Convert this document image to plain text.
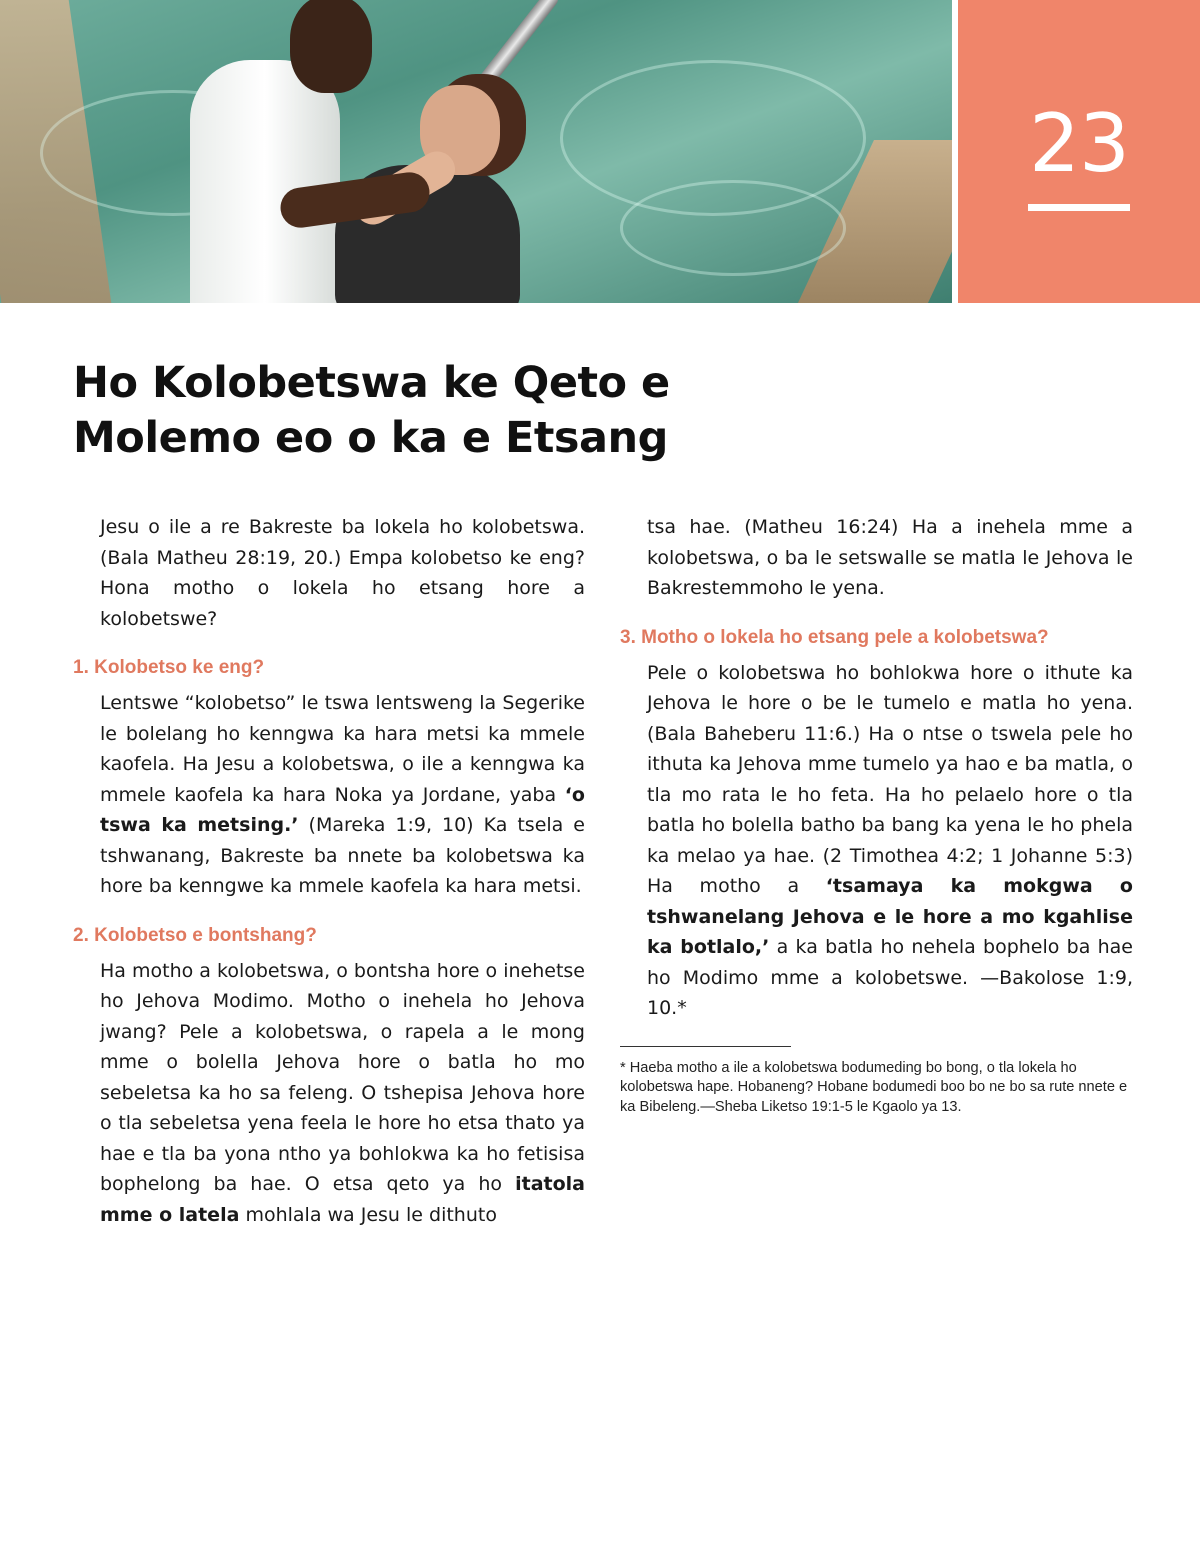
23
Ho Kolobetswa ke Qeto e
Molemo eo o ka e Etsang

Jesu o ile a re Bakreste ba lokela ho kolobetswa. (Bala Matheu 28:19, 20.) Empa kolobetso ke eng? Hona motho o lokela ho etsang hore a kolobetswe?

1. Kolobetso ke eng?

Lentswe “kolobetso” le tswa lentsweng la Segerike le bolelang ho kenngwa ka hara metsi ka mmele kaofela. Ha Jesu a kolobetswa, o ile a kenngwa ka mmele kaofela ka hara Noka ya Jordane, yaba ‘o tswa ka metsing.’ (Mareka 1:9, 10) Ka tsela e tshwanang, Bakreste ba nnete ba kolobetswa ka hore ba kenngwe ka mmele kaofela ka hara metsi.

2. Kolobetso e bontshang?

Ha motho a kolobetswa, o bontsha hore o inehetse ho Jehova Modimo. Motho o inehela ho Jehova jwang? Pele a kolobetswa, o rapela a le mong mme o bolella Jehova hore o batla ho mo sebeletsa ka ho sa feleng. O tshepisa Jehova hore o tla sebeletsa yena feela le hore ho etsa thato ya hae e tla ba yona ntho ya bohlokwa ka ho fetisisa bophelong ba hae. O etsa qeto ya ho itatola mme o latela mohlala wa Jesu le dithuto

tsa hae. (Matheu 16:24) Ha a inehela mme a kolobetswa, o ba le setswalle se matla le Jehova le Bakrestemmoho le yena.

3. Motho o lokela ho etsang pele a kolobetswa?

Pele o kolobetswa ho bohlokwa hore o ithute ka Jehova le hore o be le tumelo e matla ho yena. (Bala Baheberu 11:6.) Ha o ntse o tswela pele ho ithuta ka Jehova mme tumelo ya hao e ba matla, o tla mo rata le ho feta. Ha ho pelaelo hore o tla batla ho bolella batho ba bang ka yena le ho phela ka melao ya hae. (2 Timothea 4:2; 1 Johanne 5:3) Ha motho a ‘tsamaya ka mokgwa o tshwanelang Jehova e le hore a mo kgahlise ka botlalo,’ a ka batla ho nehela bophelo ba hae ho Modimo mme a kolobetswe. —Bakolose 1:9, 10.*

* Haeba motho a ile a kolobetswa bodumeding bo bong, o tla lokela ho kolobetswa hape. Hobaneng? Hobane bodumedi boo bo ne bo sa rute nnete e ka Bibeleng.—Sheba Liketso 19:1-5 le Kgaolo ya 13.
